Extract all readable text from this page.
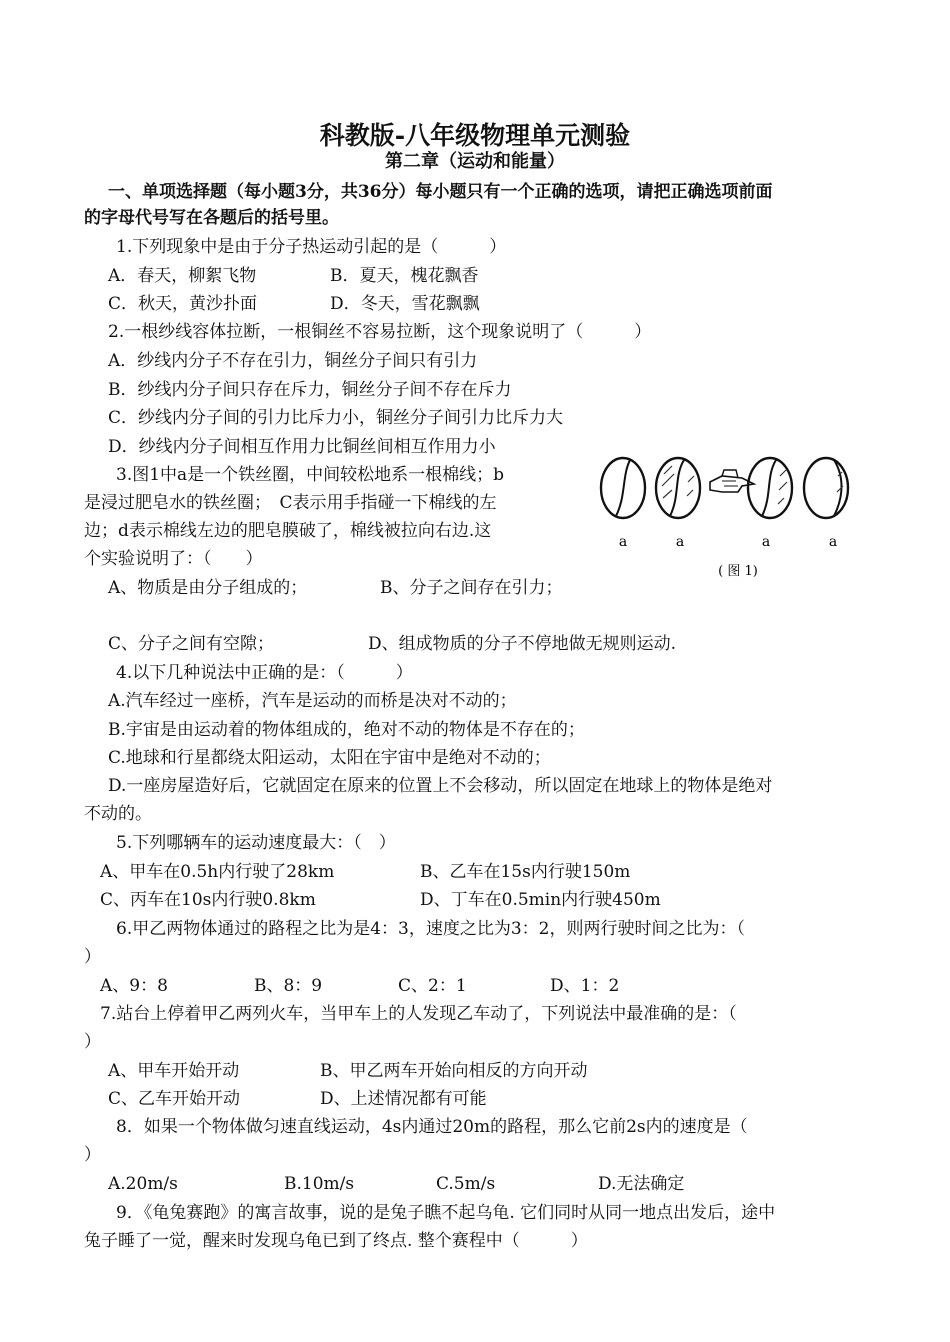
科教版-八年级物理单元测验
第二章（运动和能量）
一、单项选择题（每小题3分，共36分）每小题只有一个正确的选项，请把正确选项前面
的字母代号写在各题后的括号里。
1.下列现象中是由于分子热运动引起的是（　　　）
A．春天，柳絮飞物	B．夏天，槐花飘香
C．秋天，黄沙扑面	D．冬天，雪花飘飘
2.一根纱线容体拉断，一根铜丝不容易拉断，这个现象说明了（　　　）
A．纱线内分子不存在引力，铜丝分子间只有引力
B．纱线内分子间只存在斥力，铜丝分子间不存在斥力
C．纱线内分子间的引力比斥力小，铜丝分子间引力比斥力大
D．纱线内分子间相互作用力比铜丝间相互作用力小
3.图1中a是一个铁丝圈，中间较松地系一根棉线；b
是浸过肥皂水的铁丝圈；　C表示用手指碰一下棉线的左
边；d表示棉线左边的肥皂膜破了，棉线被拉向右边.这
个实验说明了：（　　）
A、物质是由分子组成的；	B、分子之间存在引力；
C、分子之间有空隙；	D、组成物质的分子不停地做无规则运动.
a	a	a	a
( 图 1)
4.以下几种说法中正确的是：（　　　）
A.汽车经过一座桥，汽车是运动的而桥是决对不动的；
B.宇宙是由运动着的物体组成的，绝对不动的物体是不存在的；
C.地球和行星都绕太阳运动，太阳在宇宙中是绝对不动的；
D.一座房屋造好后，它就固定在原来的位置上不会移动，所以固定在地球上的物体是绝对
不动的。
5.下列哪辆车的运动速度最大：（　）
A、甲车在0.5h内行驶了28km	B、乙车在15s内行驶150m
C、丙车在10s内行驶0.8km	D、丁车在0.5min内行驶450m
6.甲乙两物体通过的路程之比为是4：3，速度之比为3：2，则两行驶时间之比为：（
）
A、9：8	B、8：9	C、2：1	D、1：2
7.站台上停着甲乙两列火车，当甲车上的人发现乙车动了，下列说法中最准确的是：（
）
A、甲车开始开动	B、甲乙两车开始向相反的方向开动
C、乙车开始开动	D、上述情况都有可能
8．如果一个物体做匀速直线运动，4s内通过20m的路程，那么它前2s内的速度是（
）
A.20m/s	B.10m/s	C.5m/s	D.无法确定
9．《龟兔赛跑》的寓言故事，说的是兔子瞧不起乌龟. 它们同时从同一地点出发后，途中
兔子睡了一觉，醒来时发现乌龟已到了终点. 整个赛程中（　　　）
